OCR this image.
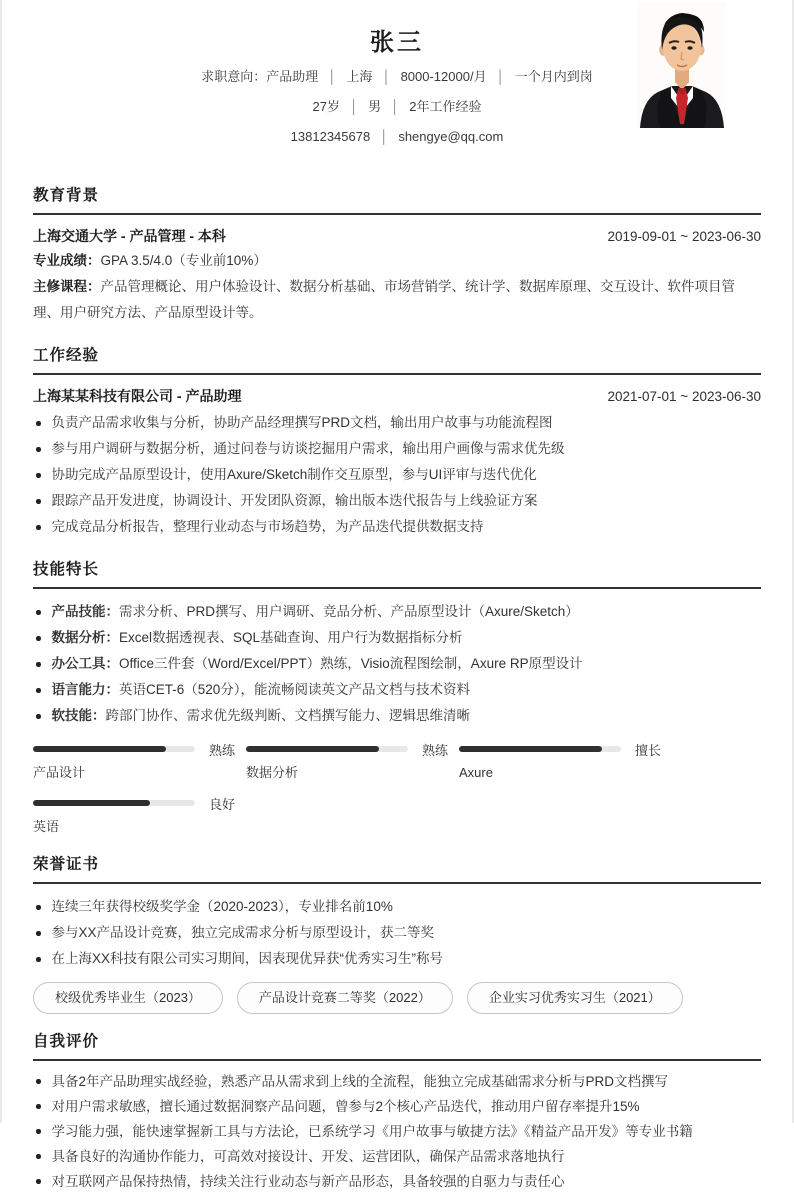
张三
求职意向：产品助理 │ 上海 │ 8000-12000/月 │ 一个月内到岗
27岁 │ 男 │ 2年工作经验
13812345678 │ shengye@qq.com
教育背景
上海交通大学 - 产品管理 - 本科	2019-09-01 ~ 2023-06-30
专业成绩：GPA 3.5/4.0（专业前10%）
主修课程：产品管理概论、用户体验设计、数据分析基础、市场营销学、统计学、数据库原理、交互设计、软件项目管理、用户研究方法、产品原型设计等。
工作经验
上海某某科技有限公司 - 产品助理	2021-07-01 ~ 2023-06-30
负责产品需求收集与分析，协助产品经理撰写PRD文档，输出用户故事与功能流程图
参与用户调研与数据分析，通过问卷与访谈挖掘用户需求，输出用户画像与需求优先级
协助完成产品原型设计，使用Axure/Sketch制作交互原型，参与UI评审与迭代优化
跟踪产品开发进度，协调设计、开发团队资源，输出版本迭代报告与上线验证方案
完成竞品分析报告，整理行业动态与市场趋势，为产品迭代提供数据支持
技能特长
产品技能：需求分析、PRD撰写、用户调研、竞品分析、产品原型设计（Axure/Sketch）
数据分析：Excel数据透视表、SQL基础查询、用户行为数据指标分析
办公工具：Office三件套（Word/Excel/PPT）熟练，Visio流程图绘制，Axure RP原型设计
语言能力：英语CET-6（520分），能流畅阅读英文产品文档与技术资料
软技能：跨部门协作、需求优先级判断、文档撰写能力、逻辑思维清晰
熟练
产品设计
熟练
数据分析
擅长
Axure
良好
英语
荣誉证书
连续三年获得校级奖学金（2020-2023），专业排名前10%
参与XX产品设计竞赛，独立完成需求分析与原型设计，获二等奖
在上海XX科技有限公司实习期间，因表现优异获“优秀实习生”称号
校级优秀毕业生（2023）	产品设计竞赛二等奖（2022）	企业实习优秀实习生（2021）
自我评价
具备2年产品助理实战经验，熟悉产品从需求到上线的全流程，能独立完成基础需求分析与PRD文档撰写
对用户需求敏感，擅长通过数据洞察产品问题，曾参与2个核心产品迭代，推动用户留存率提升15%
学习能力强，能快速掌握新工具与方法论，已系统学习《用户故事与敏捷方法》《精益产品开发》等专业书籍
具备良好的沟通协作能力，可高效对接设计、开发、运营团队，确保产品需求落地执行
对互联网产品保持热情，持续关注行业动态与新产品形态，具备较强的自驱力与责任心
